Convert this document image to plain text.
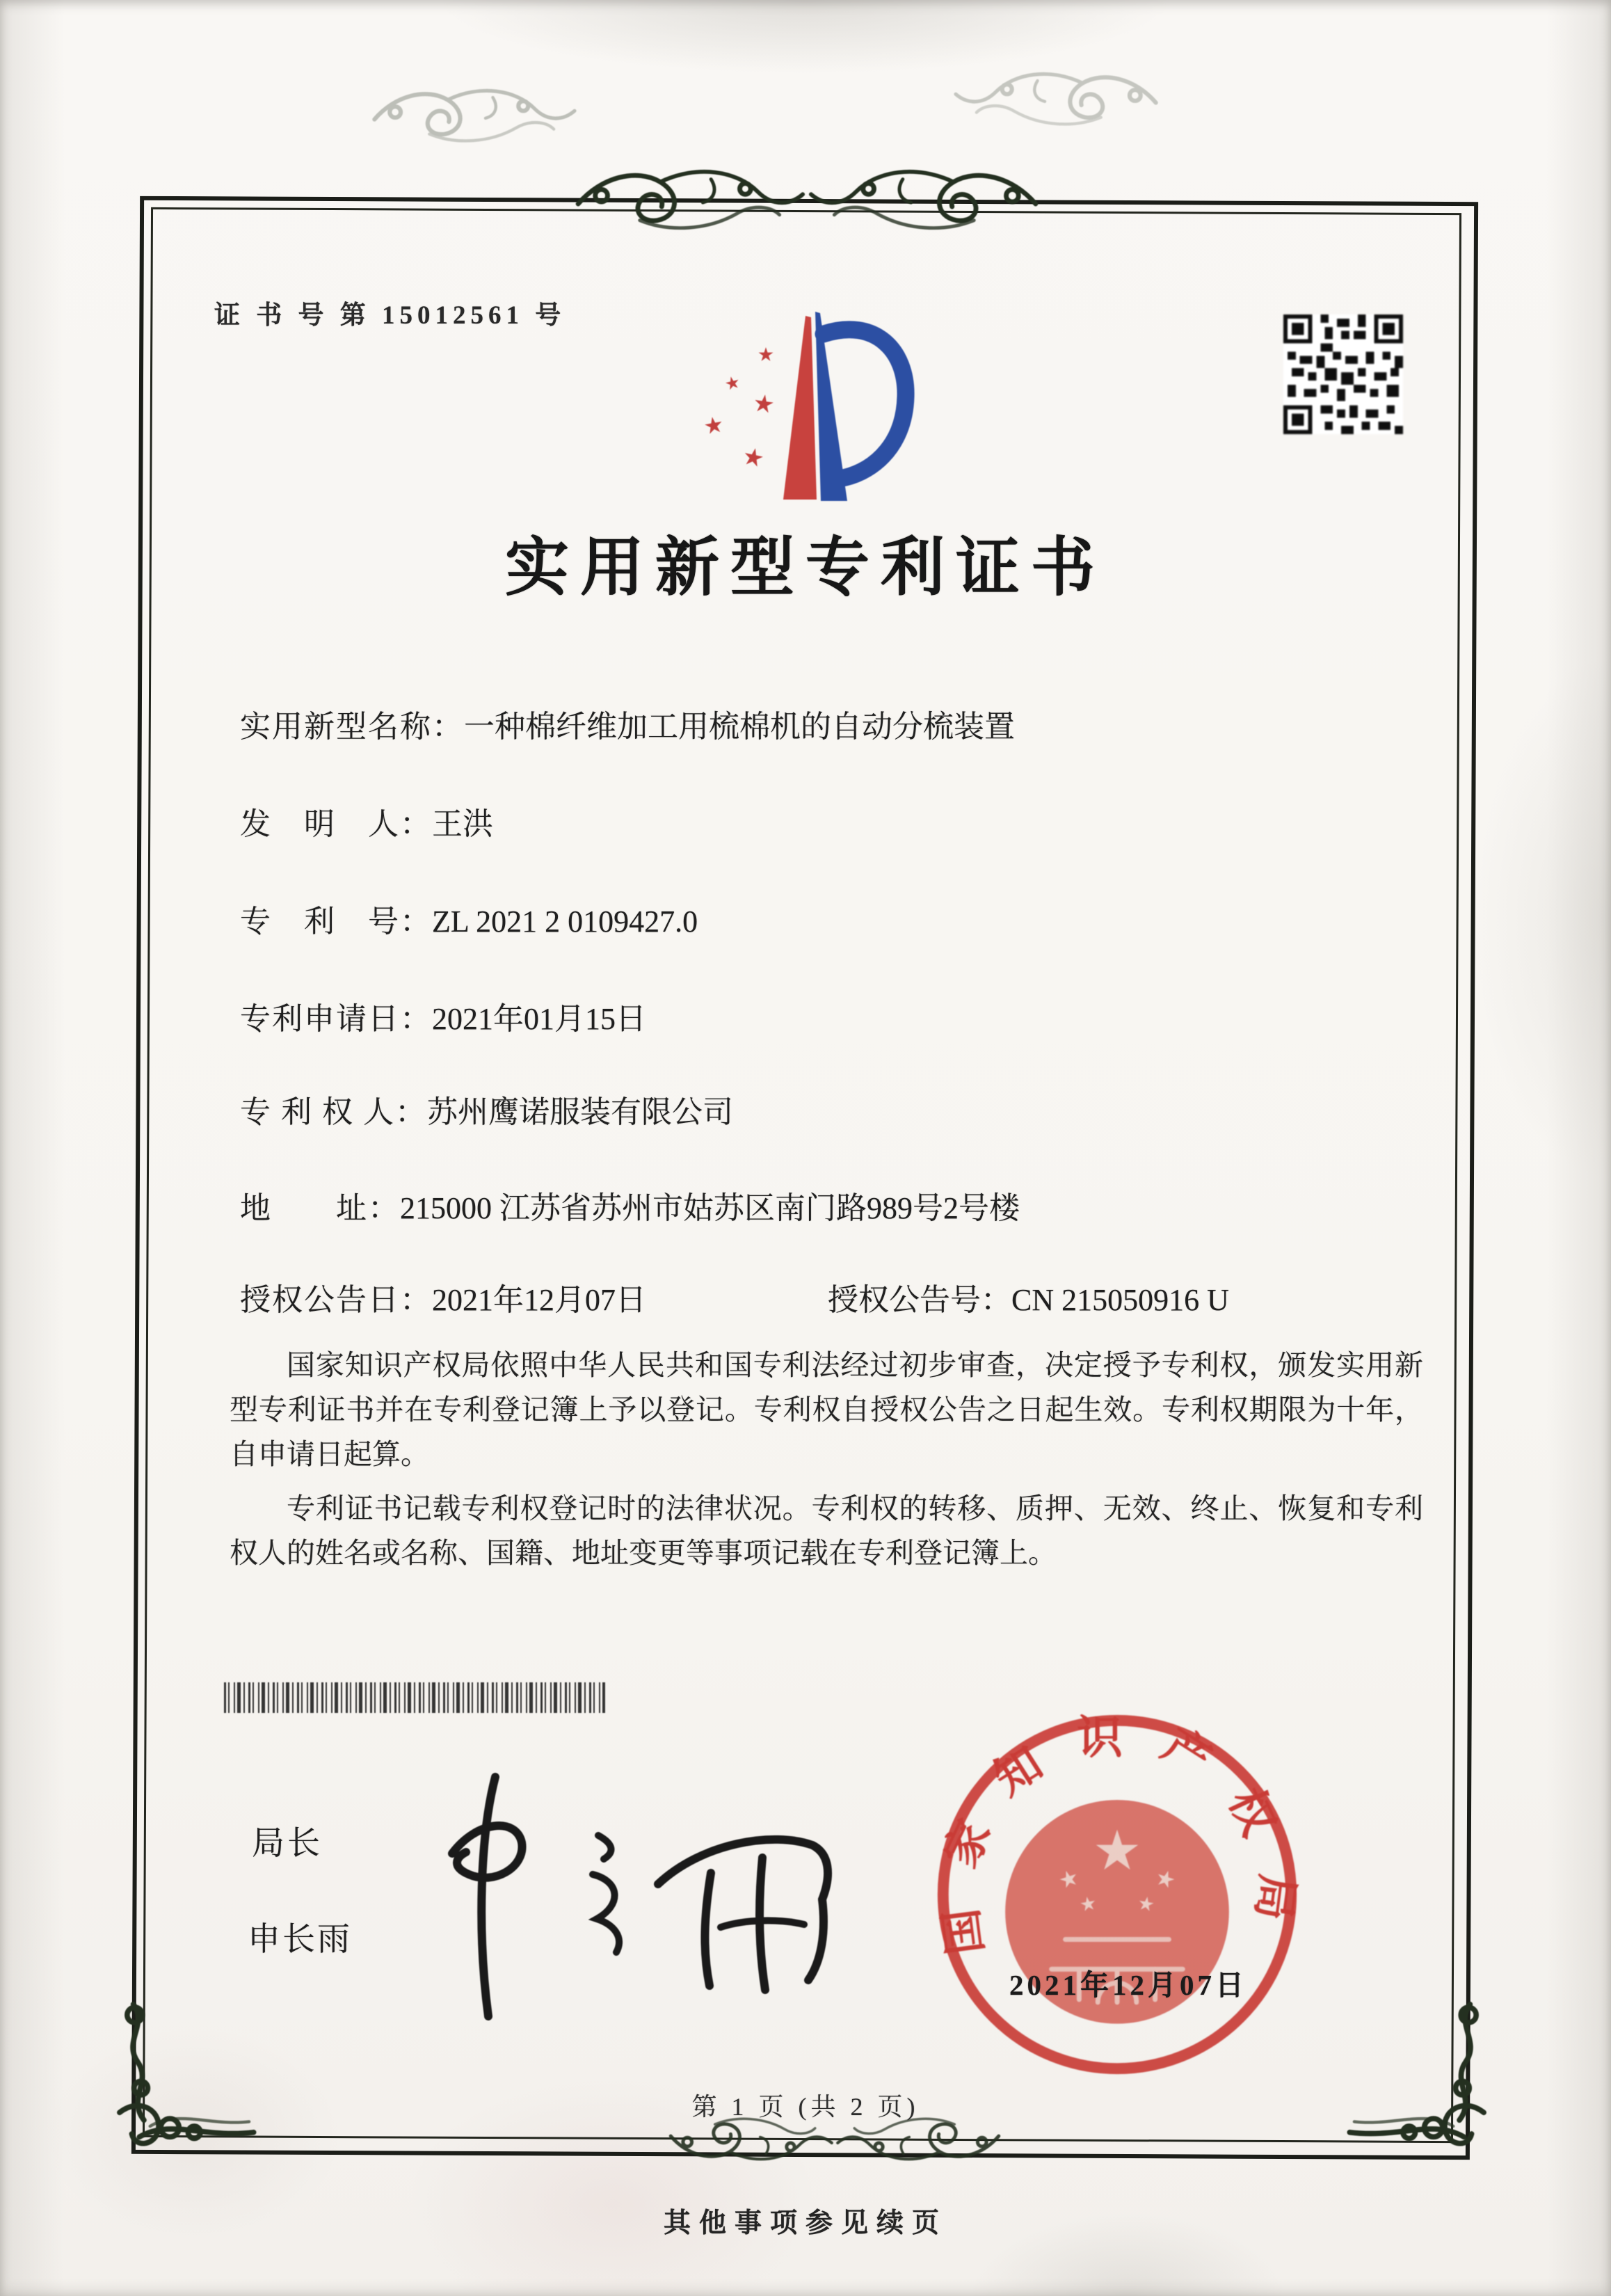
证 书 号 第 15012561 号
实用新型专利证书
实用新型名称：一种棉纤维加工用梳棉机的自动分梳装置
发　明　人：王洪
专　利　号：ZL 2021 2 0109427.0
专利申请日：2021年01月15日
专 利 权 人：苏州鹰诺服装有限公司
地　　址：215000 江苏省苏州市姑苏区南门路989号2号楼
授权公告日：2021年12月07日	授权公告号：CN 215050916 U

国家知识产权局依照中华人民共和国专利法经过初步审查，决定授予专利权，颁发实用新型专利证书并在专利登记簿上予以登记。专利权自授权公告之日起生效。专利权期限为十年，自申请日起算。

专利证书记载专利权登记时的法律状况。专利权的转移、质押、无效、终止、恢复和专利权人的姓名或名称、国籍、地址变更等事项记载在专利登记簿上。

局长
申长雨	国家知识产权局
2021年12月07日
第 1 页 (共 2 页)
其他事项参见续页
